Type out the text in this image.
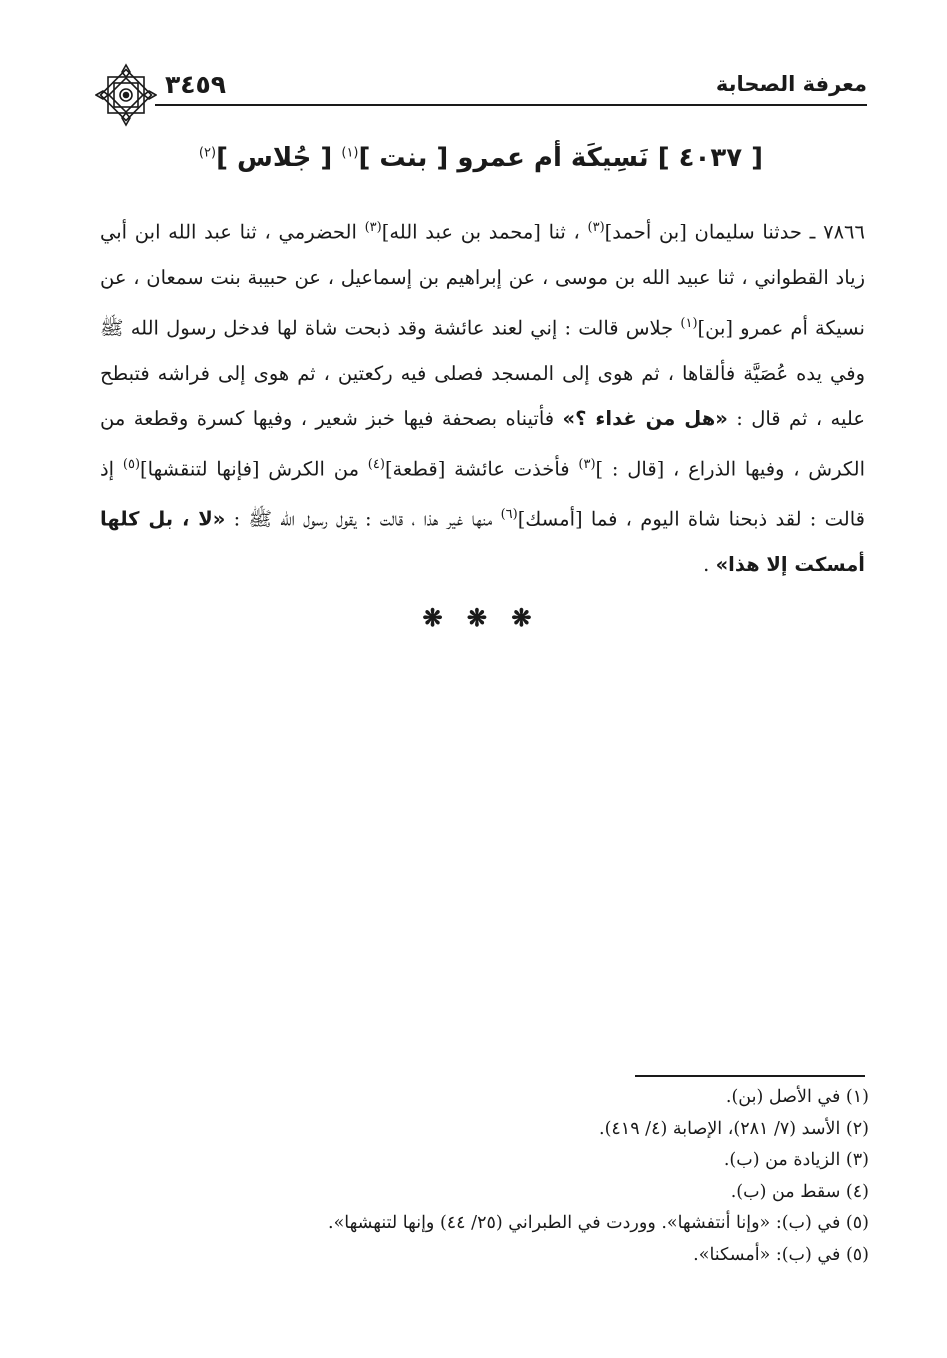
٣٤٥٩	معرفة الصحابة
[ ٤٠٣٧ ] نَسِيكَة أم عمرو [ بنت ]$^{(١)}$ [ جُلاس ]$^{(٢)}$
٧٨٦٦ ـ حدثنا سليمان [بن أحمد]$^{(٣)}$ ، ثنا [محمد بن عبد الله]$^{(٣)}$ الحضرمي ، ثنا عبد الله ابن أبي زياد القطواني ، ثنا عبيد الله بن موسى ، عن إبراهيم بن إسماعيل ، عن حبيبة بنت سمعان ، عن نسيكة أم عمرو [بن]$^{(١)}$ جلاس قالت : إني لعند عائشة وقد ذبحت شاة لها فدخل رسول الله ﷺ وفي يده عُصَيَّة فألقاها ، ثم هوى إلى المسجد فصلى فيه ركعتين ، ثم هوى إلى فراشه فتبطح عليه ، ثم قال : «هل من غداء ؟» فأتيناه بصحفة فيها خبز شعير ، وفيها كسرة وقطعة من الكرش ، وفيها الذراع ، [قال : ]$^{(٣)}$ فأخذت عائشة [قطعة]$^{(٤)}$ من الكرش [فإنها لتنقشها]$^{(٥)}$ إذ قالت : لقد ذبحنا شاة اليوم ، فما [أمسك]$^{(٦)}$ منها غير هذا ، قالت : يقول رسول الله ﷺ : «لا ، بل كلها أمسكت إلا هذا» .
❋ ❋ ❋
(١) في الأصل (بن).
(٢) الأسد (٧/ ٢٨١)، الإصابة (٤/ ٤١٩).
(٣) الزيادة من (ب).
(٤) سقط من (ب).
(٥) في (ب): «وإنا أنتفشها». ووردت في الطبراني (٢٥/ ٤٤) وإنها لتنهشها».
(٥) في (ب): «أمسكنا».
